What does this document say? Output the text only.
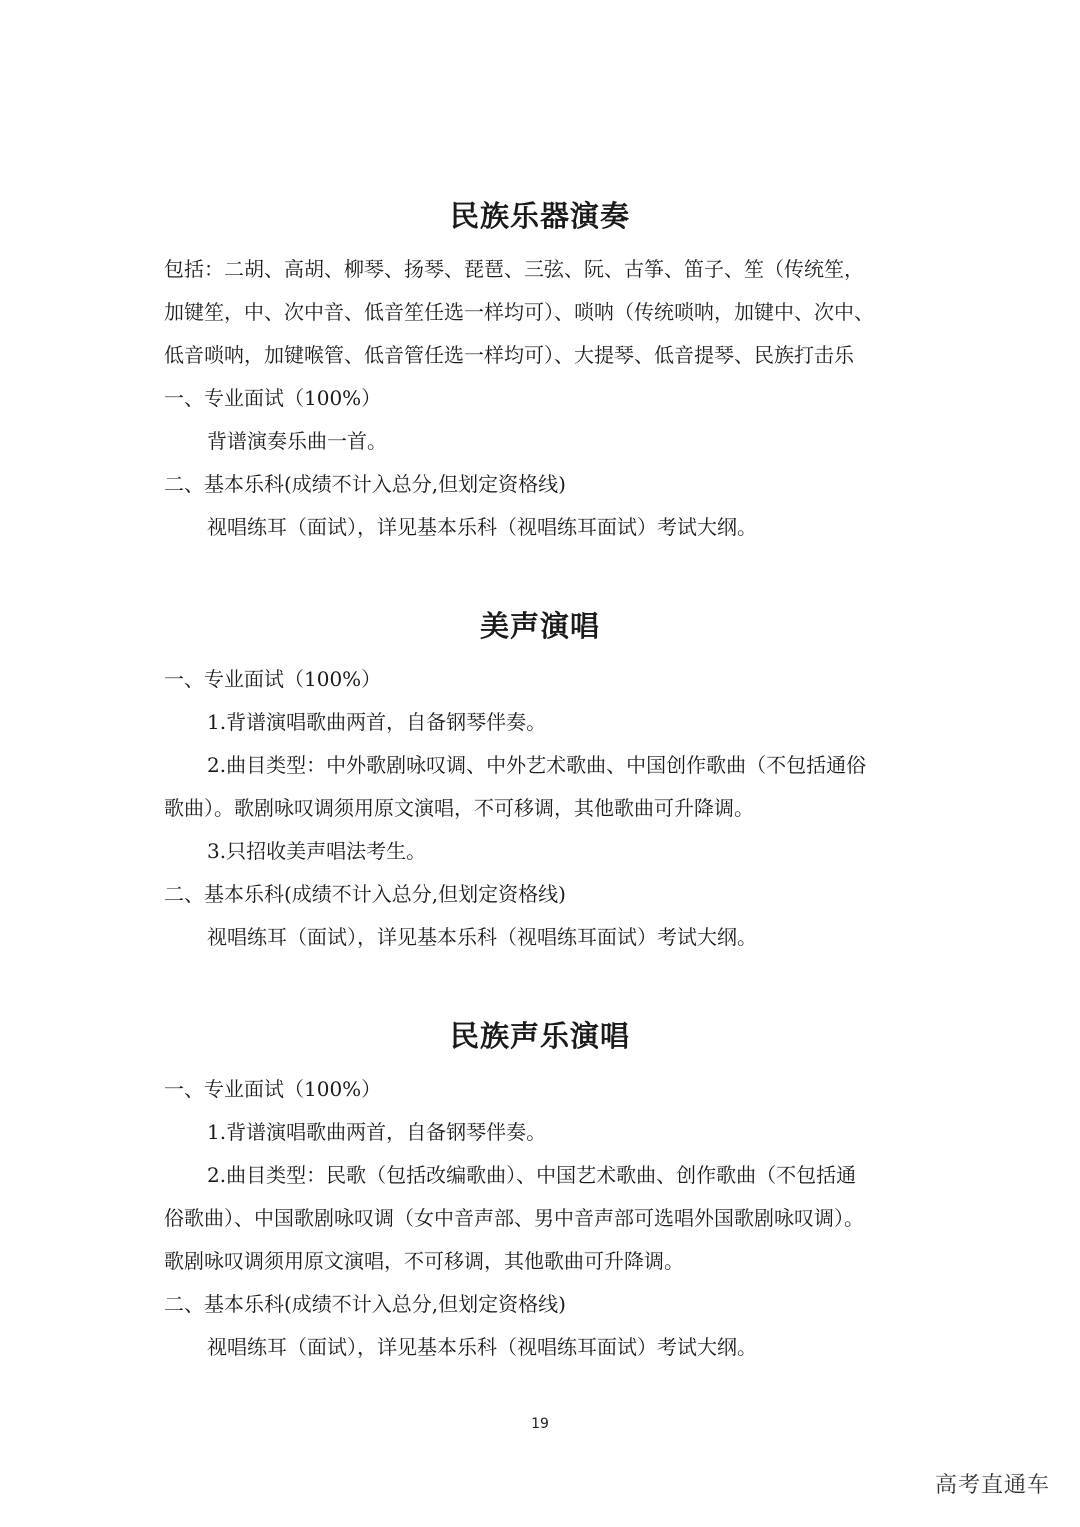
民族乐器演奏

包括：二胡、高胡、柳琴、扬琴、琵琶、三弦、阮、古筝、笛子、笙（传统笙，

加键笙，中、次中音、低音笙任选一样均可）、唢呐（传统唢呐，加键中、次中、

低音唢呐，加键喉管、低音管任选一样均可）、大提琴、低音提琴、民族打击乐

一、专业面试（100%）

背谱演奏乐曲一首。

二、基本乐科(成绩不计入总分,但划定资格线)

视唱练耳（面试），详见基本乐科（视唱练耳面试）考试大纲。

美声演唱

一、专业面试（100%）

1.背谱演唱歌曲两首，自备钢琴伴奏。

2.曲目类型：中外歌剧咏叹调、中外艺术歌曲、中国创作歌曲（不包括通俗

歌曲）。歌剧咏叹调须用原文演唱，不可移调，其他歌曲可升降调。

3.只招收美声唱法考生。

二、基本乐科(成绩不计入总分,但划定资格线)

视唱练耳（面试），详见基本乐科（视唱练耳面试）考试大纲。

民族声乐演唱

一、专业面试（100%）

1.背谱演唱歌曲两首，自备钢琴伴奏。

2.曲目类型：民歌（包括改编歌曲）、中国艺术歌曲、创作歌曲（不包括通

俗歌曲）、中国歌剧咏叹调（女中音声部、男中音声部可选唱外国歌剧咏叹调）。

歌剧咏叹调须用原文演唱，不可移调，其他歌曲可升降调。

二、基本乐科(成绩不计入总分,但划定资格线)

视唱练耳（面试），详见基本乐科（视唱练耳面试）考试大纲。

19
高考直通车
